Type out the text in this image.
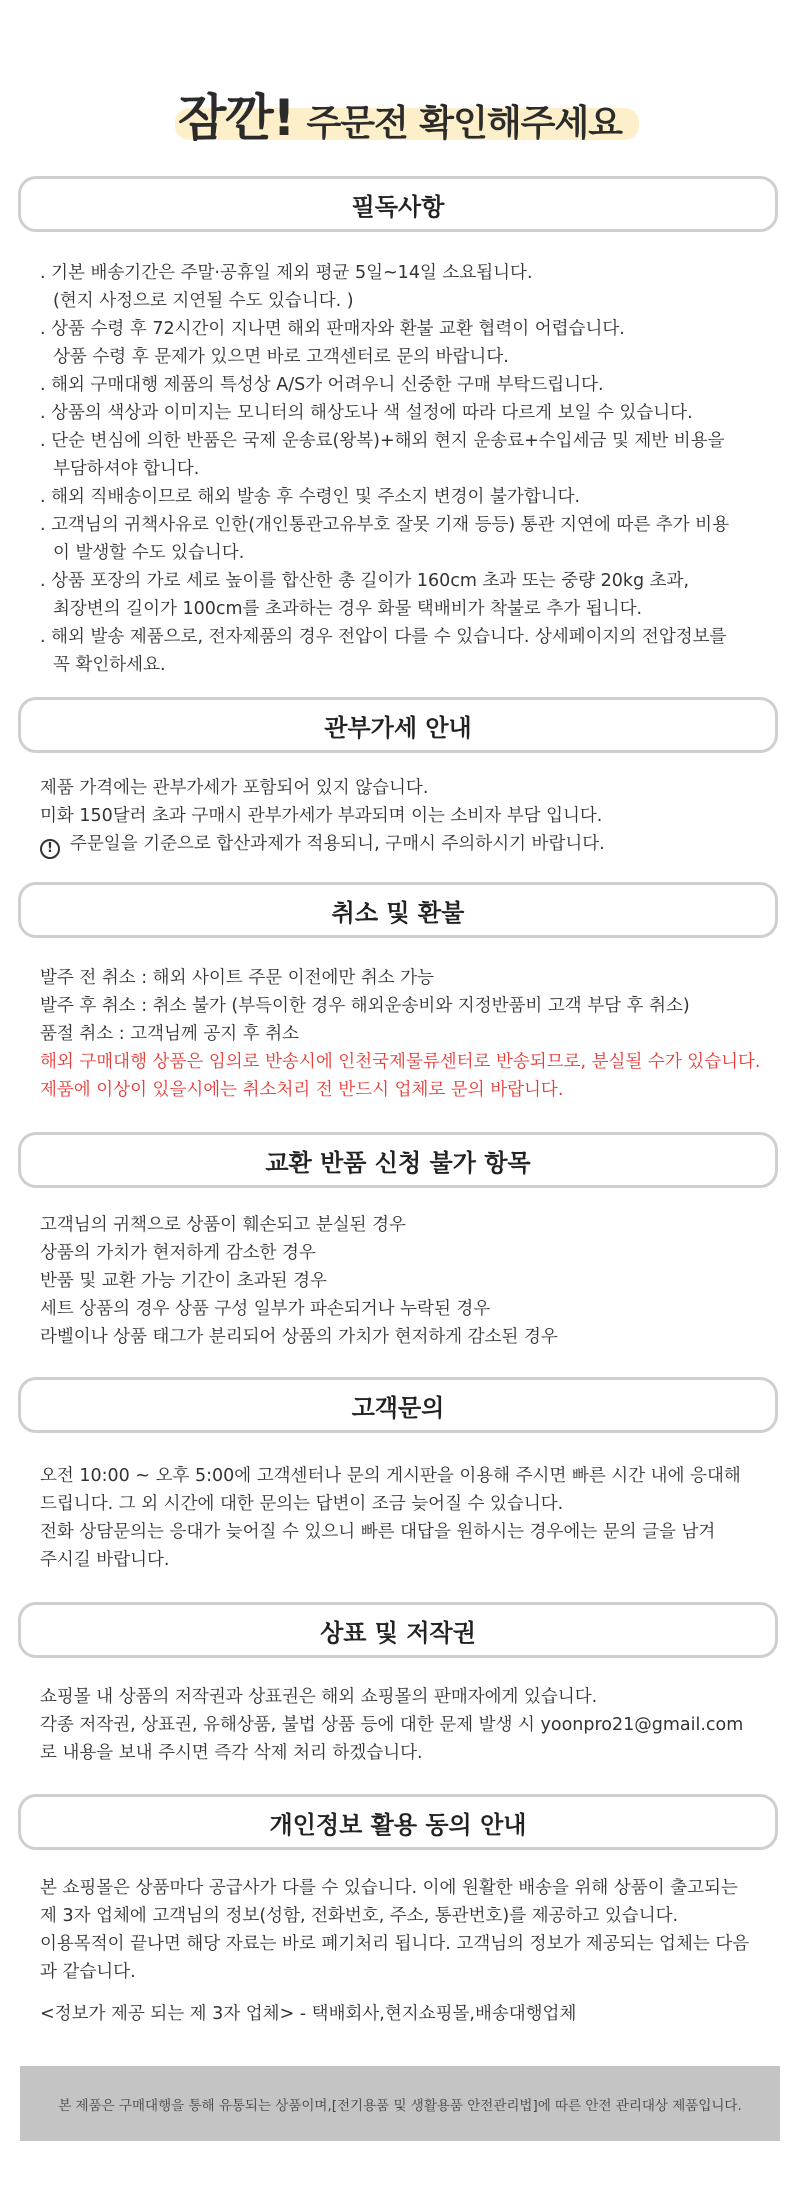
잠깐! 주문전 확인해주세요
필독사항
. 기본 배송기간은 주말·공휴일 제외 평균 5일~14일 소요됩니다.
(현지 사정으로 지연될 수도 있습니다. )
. 상품 수령 후 72시간이 지나면 해외 판매자와 환불 교환 협력이 어렵습니다.
상품 수령 후 문제가 있으면 바로 고객센터로 문의 바랍니다.
. 해외 구매대행 제품의 특성상 A/S가 어려우니 신중한 구매 부탁드립니다.
. 상품의 색상과 이미지는 모니터의 해상도나 색 설정에 따라 다르게 보일 수 있습니다.
. 단순 변심에 의한 반품은 국제 운송료(왕복)+해외 현지 운송료+수입세금 및 제반 비용을
부담하셔야 합니다.
. 해외 직배송이므로 해외 발송 후 수령인 및 주소지 변경이 불가합니다.
. 고객님의 귀책사유로 인한(개인통관고유부호 잘못 기재 등등) 통관 지연에 따른 추가 비용
이 발생할 수도 있습니다.
. 상품 포장의 가로 세로 높이를 합산한 총 길이가 160cm 초과 또는 중량 20kg 초과,
최장변의 길이가 100cm를 초과하는 경우 화물 택배비가 착불로 추가 됩니다.
. 해외 발송 제품으로, 전자제품의 경우 전압이 다를 수 있습니다. 상세페이지의 전압정보를
꼭 확인하세요.
관부가세 안내
제품 가격에는 관부가세가 포함되어 있지 않습니다.
미화 150달러 초과 구매시 관부가세가 부과되며 이는 소비자 부담 입니다.
! 주문일을 기준으로 합산과제가 적용되니, 구매시 주의하시기 바랍니다.
취소 및 환불
발주 전 취소 : 해외 사이트 주문 이전에만 취소 가능
발주 후 취소 : 취소 불가 (부득이한 경우 해외운송비와 지정반품비 고객 부담 후 취소)
품절 취소 : 고객님께 공지 후 취소
해외 구매대행 상품은 임의로 반송시에 인천국제물류센터로 반송되므로, 분실될 수가 있습니다.
제품에 이상이 있을시에는 취소처리 전 반드시 업체로 문의 바랍니다.
교환 반품 신청 불가 항목
고객님의 귀책으로 상품이 훼손되고 분실된 경우
상품의 가치가 현저하게 감소한 경우
반품 및 교환 가능 기간이 초과된 경우
세트 상품의 경우 상품 구성 일부가 파손되거나 누락된 경우
라벨이나 상품 태그가 분리되어 상품의 가치가 현저하게 감소된 경우
고객문의
오전 10:00 ~ 오후 5:00에 고객센터나 문의 게시판을 이용해 주시면 빠른 시간 내에 응대해
드립니다. 그 외 시간에 대한 문의는 답변이 조금 늦어질 수 있습니다.
전화 상담문의는 응대가 늦어질 수 있으니 빠른 대답을 원하시는 경우에는 문의 글을 남겨
주시길 바랍니다.
상표 및 저작권
쇼핑몰 내 상품의 저작권과 상표권은 해외 쇼핑몰의 판매자에게 있습니다.
각종 저작권, 상표권, 유해상품, 불법 상품 등에 대한 문제 발생 시 yoonpro21@gmail.com
로 내용을 보내 주시면 즉각 삭제 처리 하겠습니다.
개인정보 활용 동의 안내
본 쇼핑몰은 상품마다 공급사가 다를 수 있습니다. 이에 원활한 배송을 위해 상품이 출고되는
제 3자 업체에 고객님의 정보(성함, 전화번호, 주소, 통관번호)를 제공하고 있습니다.
이용목적이 끝나면 해당 자료는 바로 폐기처리 됩니다. 고객님의 정보가 제공되는 업체는 다음
과 같습니다.
<정보가 제공 되는 제 3자 업체> - 택배회사,현지쇼핑몰,배송대행업체
본 제품은 구매대행을 통해 유통되는 상품이며,[전기용품 및 생활용품 안전관리법]에 따른 안전 관리대상 제품입니다.
